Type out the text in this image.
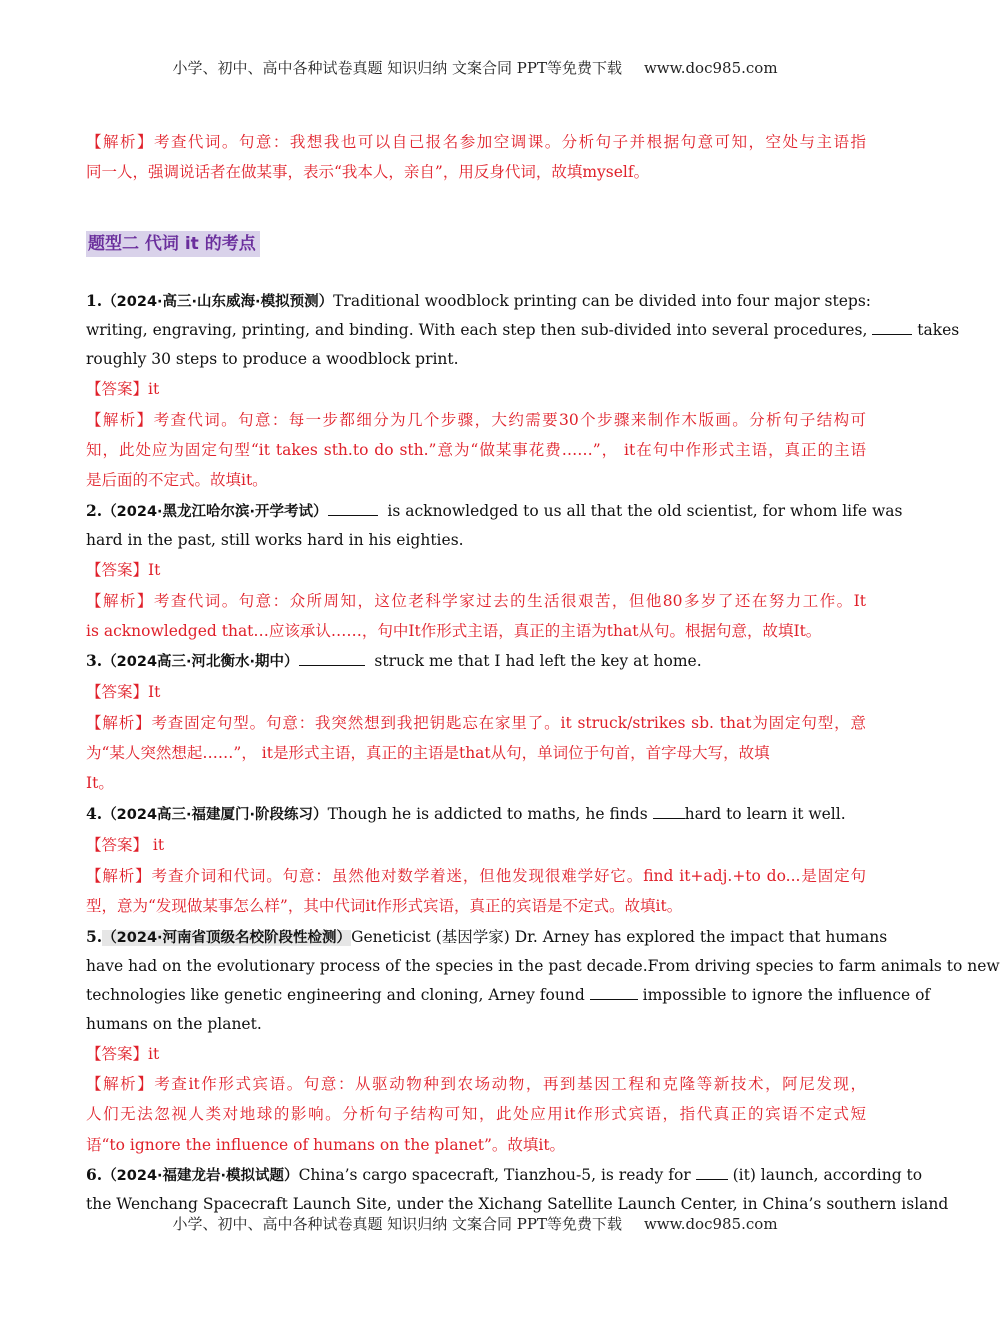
小学、初中、高中各种试卷真题 知识归纳 文案合同 PPT等免费下载 www.doc985.com
【解析】考查代词。句意：我想我也可以自己报名参加空调课。分析句子并根据句意可知，空处与主语指
同一人，强调说话者在做某事，表示“我本人，亲自”，用反身代词，故填myself。
题型二 代词 it 的考点
1.（2024·高三·山东威海·模拟预测）Traditional woodblock printing can be divided into four major steps:
writing, engraving, printing, and binding. With each step then sub-divided into several procedures,	takes
roughly 30 steps to produce a woodblock print.
【答案】it
【解析】考查代词。句意：每一步都细分为几个步骤，大约需要30个步骤来制作木版画。分析句子结构可
知，此处应为固定句型“it takes sth.to do sth.”意为“做某事花费……”， it在句中作形式主语，真正的主语
是后面的不定式。故填it。
2.（2024·黑龙江哈尔滨·开学考试）	is acknowledged to us all that the old scientist, for whom life was
hard in the past, still works hard in his eighties.
【答案】It
【解析】考查代词。句意：众所周知，这位老科学家过去的生活很艰苦，但他80多岁了还在努力工作。It
is acknowledged that…应该承认……，句中It作形式主语，真正的主语为that从句。根据句意，故填It。
3.（2024高三·河北衡水·期中）	struck me that I had left the key at home.
【答案】It
【解析】考查固定句型。句意：我突然想到我把钥匙忘在家里了。it struck/strikes sb. that为固定句型，意
为“某人突然想起……”， it是形式主语，真正的主语是that从句，单词位于句首，首字母大写，故填
It。
4.（2024高三·福建厦门·阶段练习）Though he is addicted to maths, he finds hard to learn it well.
【答案】 it
【解析】考查介词和代词。句意：虽然他对数学着迷，但他发现很难学好它。find it+adj.+to do...是固定句
型，意为“发现做某事怎么样”，其中代词it作形式宾语，真正的宾语是不定式。故填it。
5.（2024·河南省顶级名校阶段性检测）Geneticist (基因学家) Dr. Arney has explored the impact that humans
have had on the evolutionary process of the species in the past decade.From driving species to farm animals to new
technologies like genetic engineering and cloning, Arney found	impossible to ignore the influence of
humans on the planet.
【答案】it
【解析】考查it作形式宾语。句意：从驱动物种到农场动物，再到基因工程和克隆等新技术，阿尼发现，
人们无法忽视人类对地球的影响。分析句子结构可知，此处应用it作形式宾语，指代真正的宾语不定式短
语“to ignore the influence of humans on the planet”。故填it。
6.（2024·福建龙岩·模拟试题）China’s cargo spacecraft, Tianzhou-5, is ready for	(it) launch, according to
the Wenchang Spacecraft Launch Site, under the Xichang Satellite Launch Center, in China’s southern island
小学、初中、高中各种试卷真题 知识归纳 文案合同 PPT等免费下载 www.doc985.com
